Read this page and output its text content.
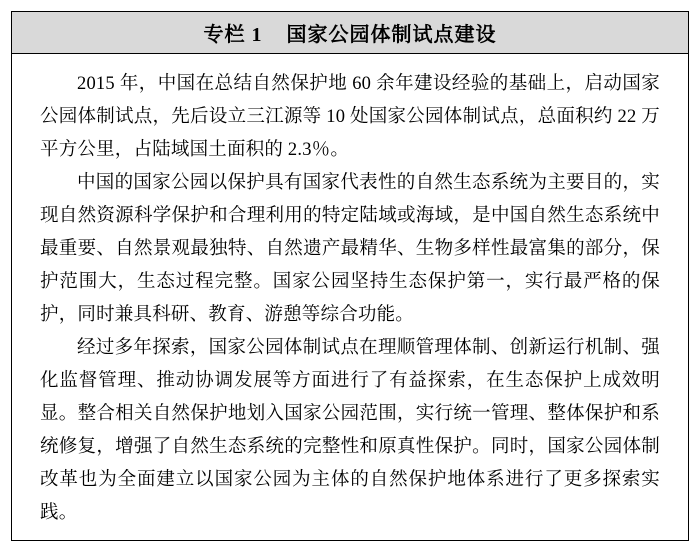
专栏 1    国家公园体制试点建设

2015 年，中国在总结自然保护地 60 余年建设经验的基础上，启动国家公园体制试点，先后设立三江源等 10 处国家公园体制试点，总面积约 22 万平方公里，占陆域国土面积的 2.3％。

中国的国家公园以保护具有国家代表性的自然生态系统为主要目的，实现自然资源科学保护和合理利用的特定陆域或海域，是中国自然生态系统中最重要、自然景观最独特、自然遗产最精华、生物多样性最富集的部分，保护范围大，生态过程完整。国家公园坚持生态保护第一，实行最严格的保护，同时兼具科研、教育、游憩等综合功能。

经过多年探索，国家公园体制试点在理顺管理体制、创新运行机制、强化监督管理、推动协调发展等方面进行了有益探索，在生态保护上成效明显。整合相关自然保护地划入国家公园范围，实行统一管理、整体保护和系统修复，增强了自然生态系统的完整性和原真性保护。同时，国家公园体制改革也为全面建立以国家公园为主体的自然保护地体系进行了更多探索实践。
